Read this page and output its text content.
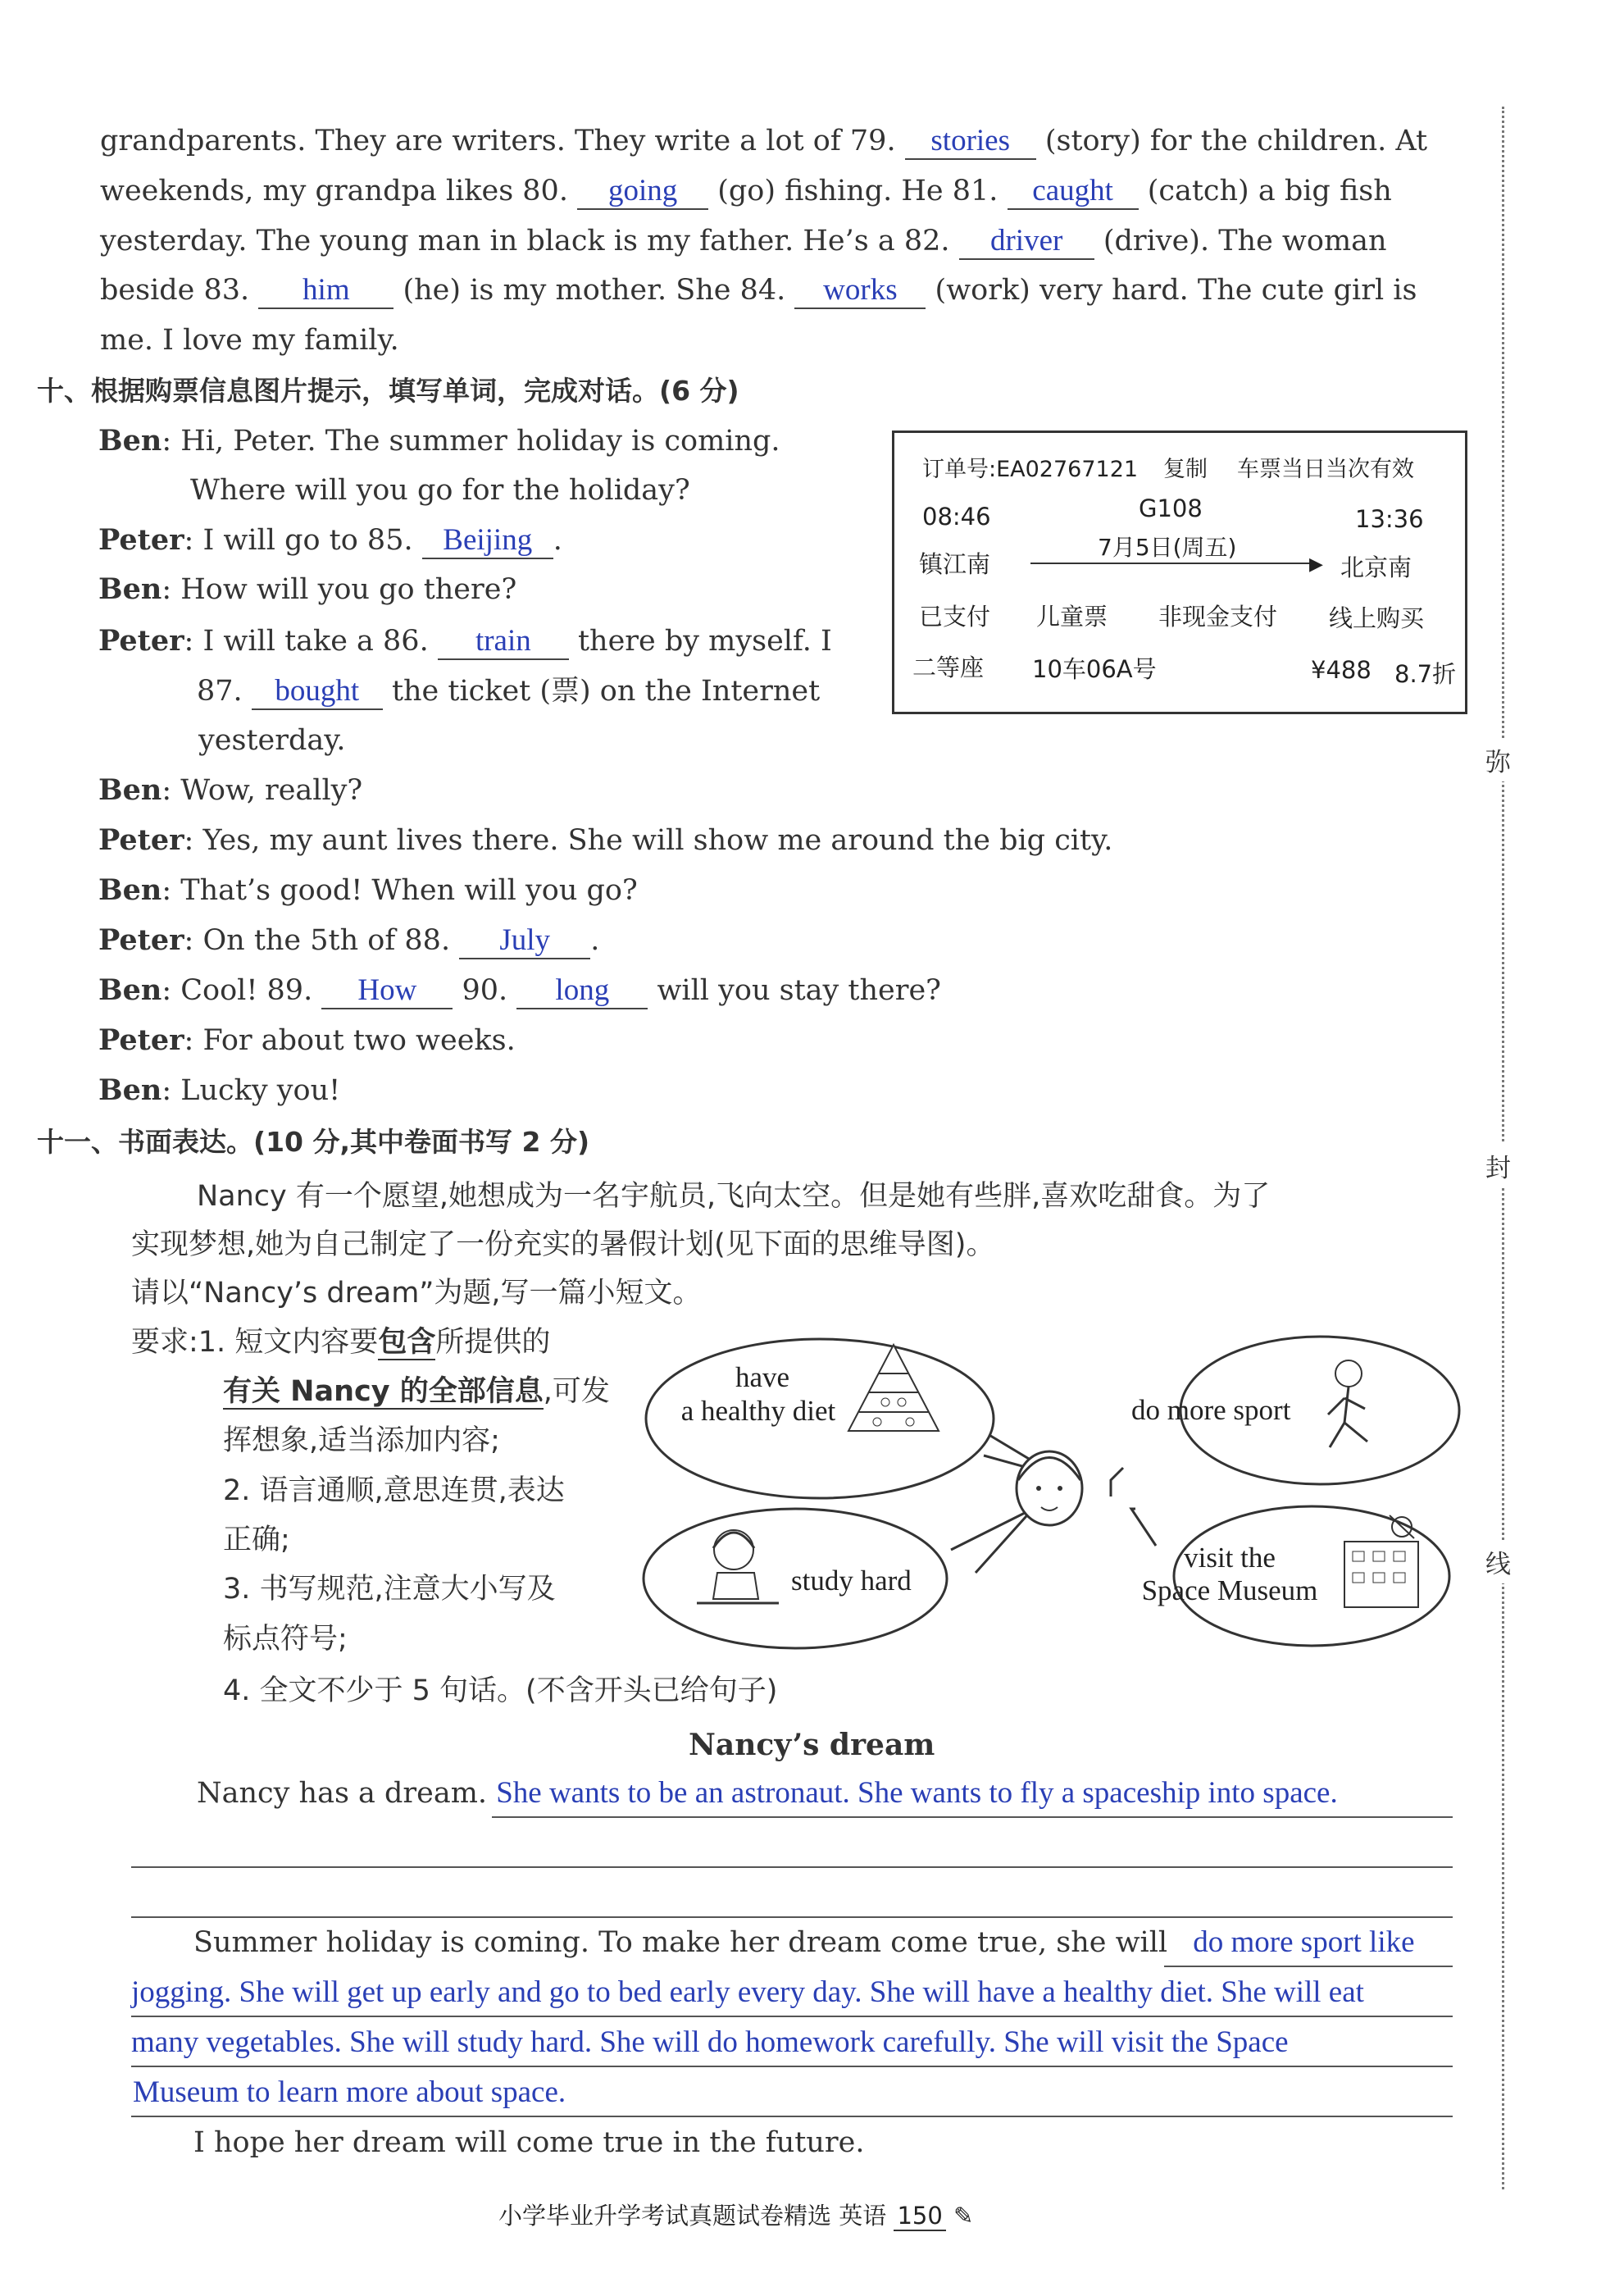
弥
封
线
grandparents. They are writers. They write a lot of 79. stories (story) for the children. At
weekends, my grandpa likes 80. going (go) fishing. He 81. caught (catch) a big fish
yesterday. The young man in black is my father. He’s a 82. driver (drive). The woman
beside 83. him (he) is my mother. She 84. works (work) very hard. The cute girl is
me. I love my family.
十、根据购票信息图片提示，填写单词，完成对话。(6 分)
Ben: Hi, Peter. The summer holiday is coming.
Where will you go for the holiday?
Peter: I will go to 85. Beijing .
Ben: How will you go there?
Peter: I will take a 86. train there by myself. I
87. bought the ticket (票) on the Internet
yesterday.
Ben: Wow, really?
Peter: Yes, my aunt lives there. She will show me around the big city.
Ben: That’s good! When will you go?
Peter: On the 5th of 88. July .
Ben: Cool! 89. How 90. long will you stay there?
Peter: For about two weeks.
Ben: Lucky you!
订单号:EA02767121 复制 车票当日当次有效
08:46	G108	13:36
7月5日(周五)
▶
镇江南	北京南
已支付 儿童票 非现金支付 线上购买
二等座 10车06A号	¥488 8.7折
十一、书面表达。(10 分,其中卷面书写 2 分)
Nancy 有一个愿望,她想成为一名宇航员,飞向太空。但是她有些胖,喜欢吃甜食。为了
实现梦想,她为自己制定了一份充实的暑假计划(见下面的思维导图)。
请以“Nancy’s dream”为题,写一篇小短文。
要求:1. 短文内容要包含所提供的
有关 Nancy 的全部信息,可发
挥想象,适当添加内容;
2. 语言通顺,意思连贯,表达
正确;
3. 书写规范,注意大小写及
标点符号;
4. 全文不少于 5 句话。(不含开头已给句子)
have
a healthy diet	do more sport
study hard
visit the
Space Museum
Nancy’s dream
Nancy has a dream. She wants to be an astronaut. She wants to fly a spaceship into space.
Summer holiday is coming. To make her dream come true, she will do more sport like
jogging. She will get up early and go to bed early every day. She will have a healthy diet. She will eat
many vegetables. She will study hard. She will do homework carefully. She will visit the Space
Museum to learn more about space.
I hope her dream will come true in the future.
小学毕业升学考试真题试卷精选 英语 150 ✎
